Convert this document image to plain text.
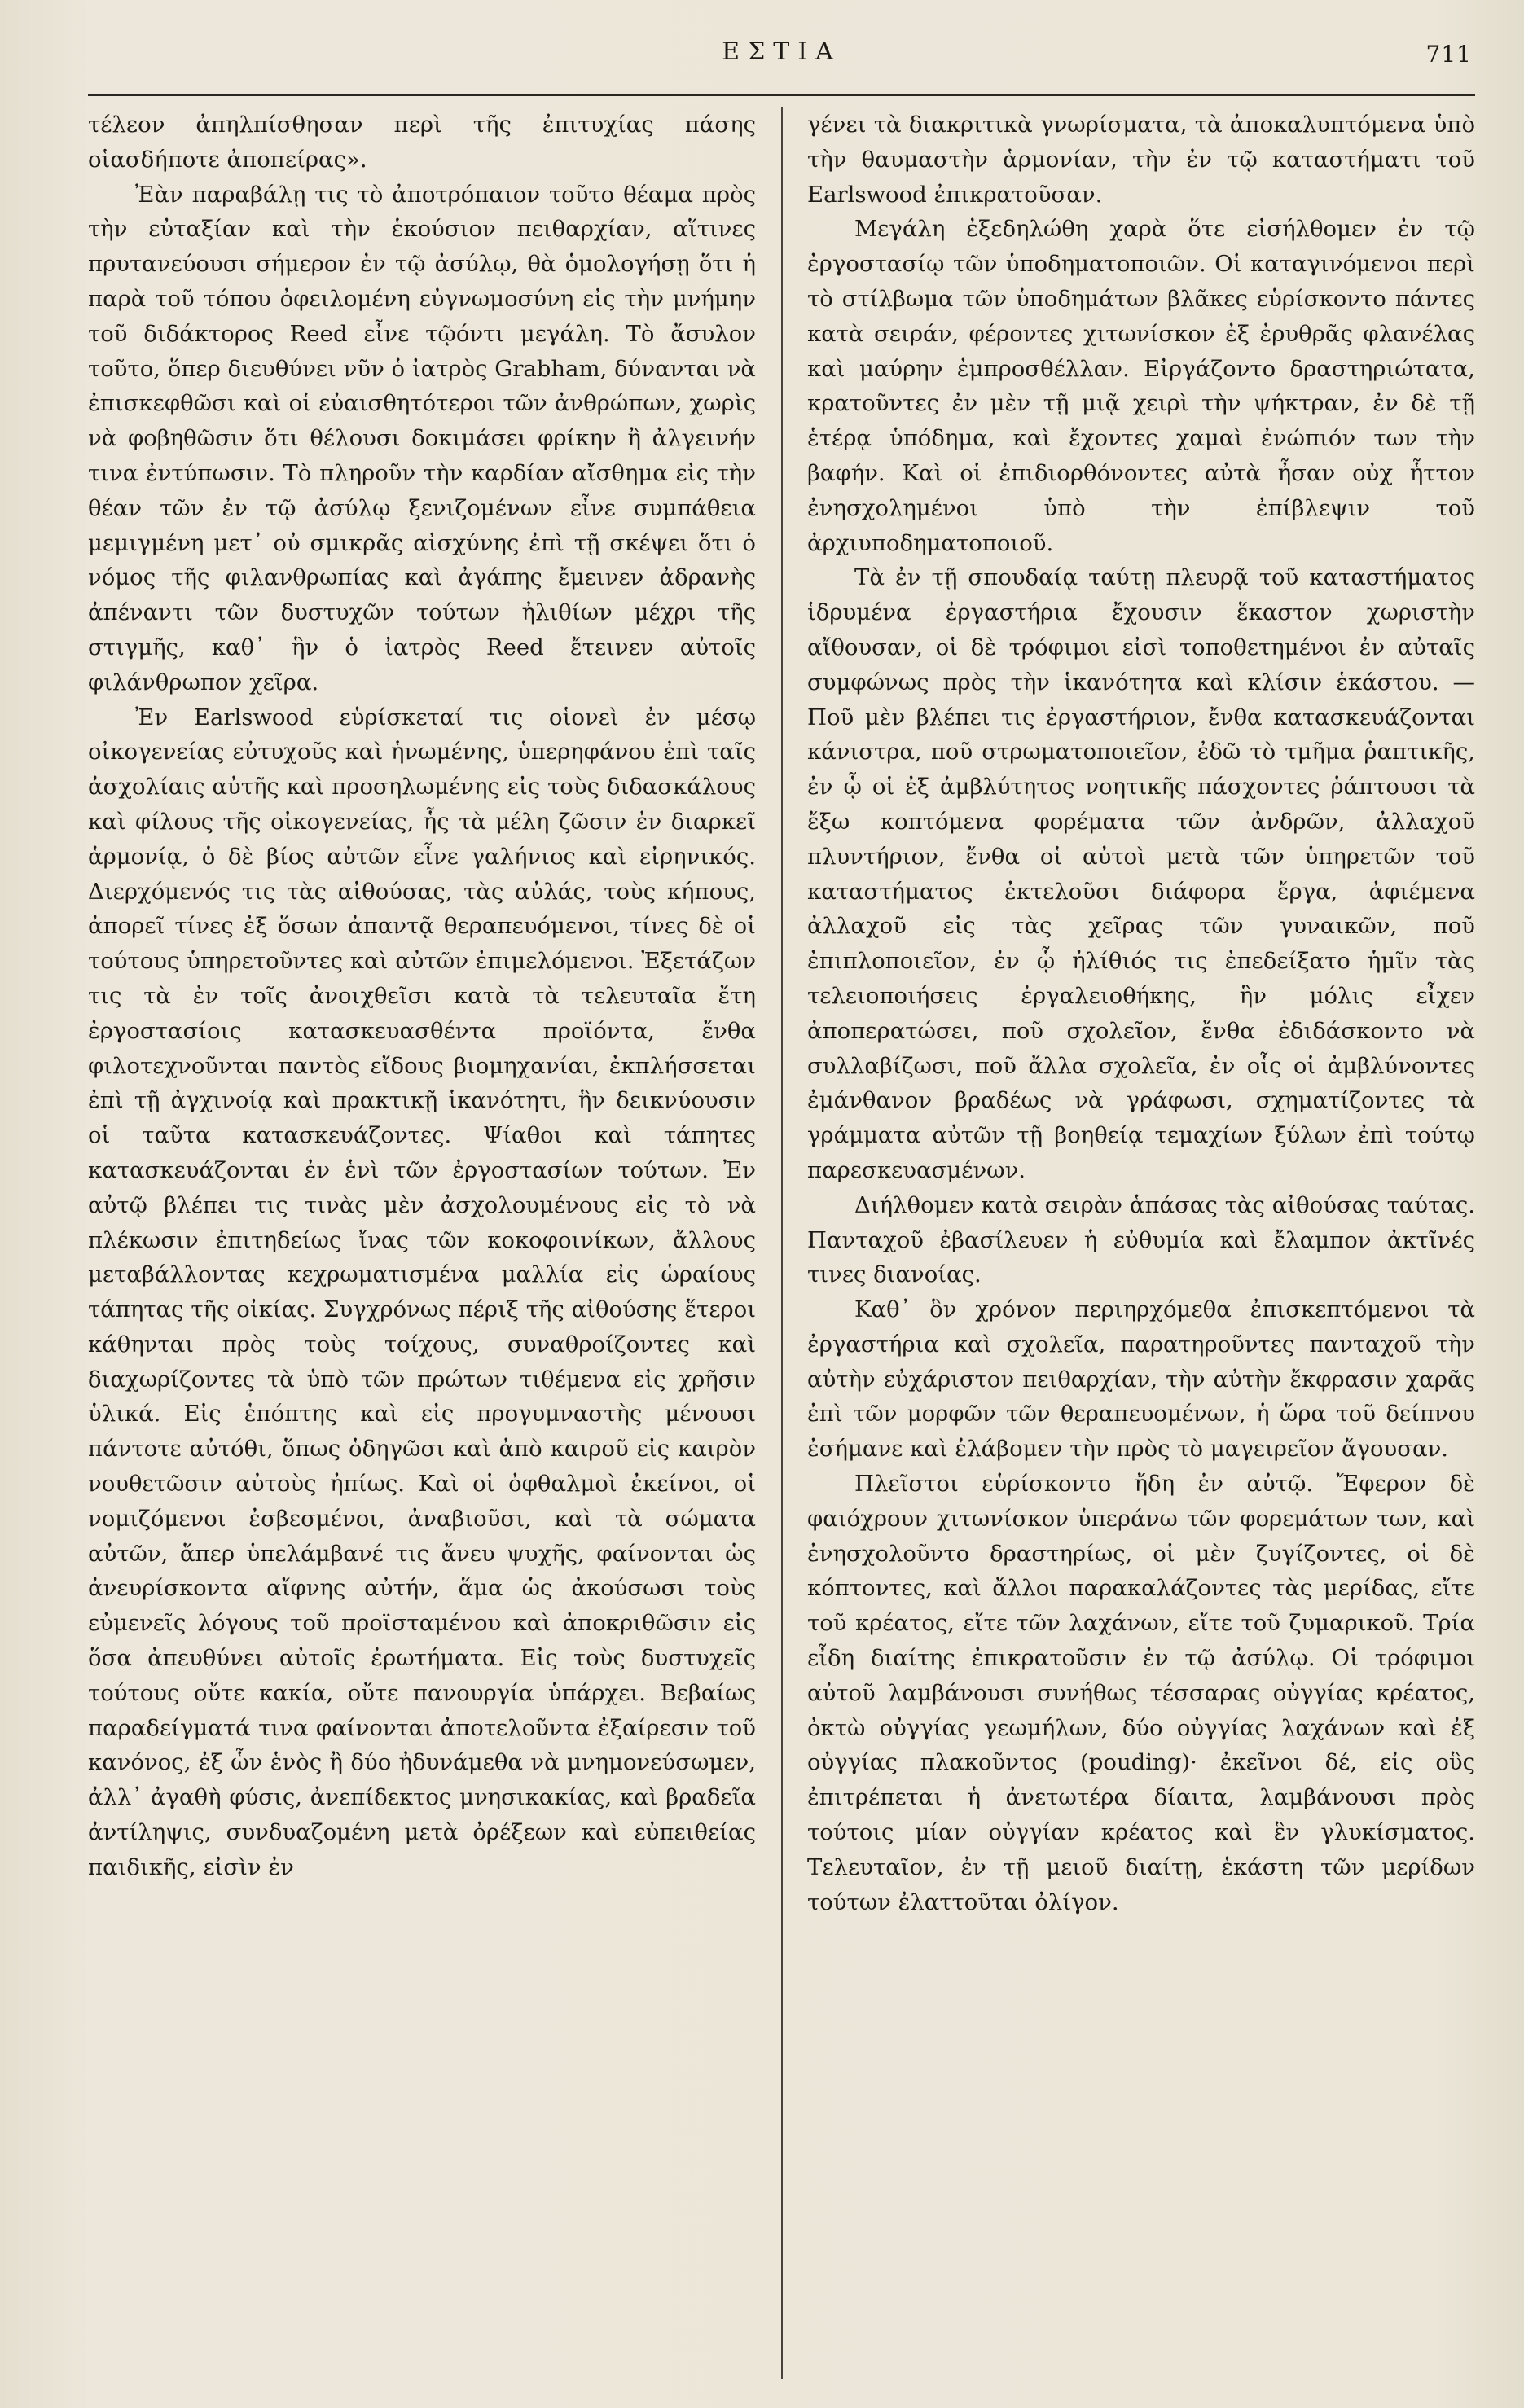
ΕΣΤΙΑ	711

τέλεον ἀπηλπίσθησαν περὶ τῆς ἐπιτυχίας πάσης οἱασδήποτε ἀποπείρας».

Ἐὰν παραβάλῃ τις τὸ ἀποτρόπαιον τοῦτο θέαμα πρὸς τὴν εὐταξίαν καὶ τὴν ἑκούσιον πειθαρχίαν, αἵτινες πρυτανεύουσι σήμερον ἐν τῷ ἀσύλῳ, θὰ ὁμολογήσῃ ὅτι ἡ παρὰ τοῦ τόπου ὀφειλομένη εὐγνωμοσύνη εἰς τὴν μνήμην τοῦ διδάκτορος Reed εἶνε τῷόντι μεγάλη. Τὸ ἄσυλον τοῦτο, ὅπερ διευθύνει νῦν ὁ ἰατρὸς Grabham, δύνανται νὰ ἐπισκεφθῶσι καὶ οἱ εὐαισθητότεροι τῶν ἀνθρώπων, χωρὶς νὰ φοβηθῶσιν ὅτι θέλουσι δοκιμάσει φρίκην ἢ ἀλγεινήν τινα ἐντύπωσιν. Τὸ πληροῦν τὴν καρδίαν αἴσθημα εἰς τὴν θέαν τῶν ἐν τῷ ἀσύλῳ ξενιζομένων εἶνε συμπάθεια μεμιγμένη μετ᾽ οὐ σμικρᾶς αἰσχύνης ἐπὶ τῇ σκέψει ὅτι ὁ νόμος τῆς φιλανθρωπίας καὶ ἀγάπης ἔμεινεν ἀδρανὴς ἀπέναντι τῶν δυστυχῶν τούτων ἠλιθίων μέχρι τῆς στιγμῆς, καθ᾽ ἣν ὁ ἰατρὸς Reed ἔτεινεν αὐτοῖς φιλάνθρωπον χεῖρα.

Ἐν Earlswood εὑρίσκεταί τις οἱονεὶ ἐν μέσῳ οἰκογενείας εὐτυχοῦς καὶ ἡνωμένης, ὑπερηφάνου ἐπὶ ταῖς ἀσχολίαις αὐτῆς καὶ προσηλωμένης εἰς τοὺς διδασκάλους καὶ φίλους τῆς οἰκογενείας, ἧς τὰ μέλη ζῶσιν ἐν διαρκεῖ ἁρμονίᾳ, ὁ δὲ βίος αὐτῶν εἶνε γαλήνιος καὶ εἰρηνικός. Διερχόμενός τις τὰς αἰθούσας, τὰς αὐλάς, τοὺς κήπους, ἀπορεῖ τίνες ἐξ ὅσων ἀπαντᾷ θεραπευόμενοι, τίνες δὲ οἱ τούτους ὑπηρετοῦντες καὶ αὐτῶν ἐπιμελόμενοι. Ἐξετάζων τις τὰ ἐν τοῖς ἀνοιχθεῖσι κατὰ τὰ τελευταῖα ἔτη ἐργοστασίοις κατασκευασθέντα προϊόντα, ἔνθα φιλοτεχνοῦνται παντὸς εἴδους βιομηχανίαι, ἐκπλήσσεται ἐπὶ τῇ ἀγχινοίᾳ καὶ πρακτικῇ ἱκανότητι, ἣν δεικνύουσιν οἱ ταῦτα κατασκευάζοντες. Ψίαθοι καὶ τάπητες κατασκευάζονται ἐν ἑνὶ τῶν ἐργοστασίων τούτων. Ἐν αὐτῷ βλέπει τις τινὰς μὲν ἀσχολουμένους εἰς τὸ νὰ πλέκωσιν ἐπιτηδείως ἴνας τῶν κοκοφοινίκων, ἄλλους μεταβάλλοντας κεχρωματισμένα μαλλία εἰς ὡραίους τάπητας τῆς οἰκίας. Συγχρόνως πέριξ τῆς αἰθούσης ἕτεροι κάθηνται πρὸς τοὺς τοίχους, συναθροίζοντες καὶ διαχωρίζοντες τὰ ὑπὸ τῶν πρώτων τιθέμενα εἰς χρῆσιν ὑλικά. Εἰς ἑπόπτης καὶ εἰς προγυμναστὴς μένουσι πάντοτε αὐτόθι, ὅπως ὁδηγῶσι καὶ ἀπὸ καιροῦ εἰς καιρὸν νουθετῶσιν αὐτοὺς ἠπίως. Καὶ οἱ ὀφθαλμοὶ ἐκείνοι, οἱ νομιζόμενοι ἐσβεσμένοι, ἀναβιοῦσι, καὶ τὰ σώματα αὐτῶν, ἅπερ ὑπελάμβανέ τις ἄνευ ψυχῆς, φαίνονται ὡς ἀνευρίσκοντα αἴφνης αὐτήν, ἅμα ὡς ἀκούσωσι τοὺς εὐμενεῖς λόγους τοῦ προϊσταμένου καὶ ἀποκριθῶσιν εἰς ὅσα ἀπευθύνει αὐτοῖς ἐρωτήματα. Εἰς τοὺς δυστυχεῖς τούτους οὔτε κακία, οὔτε πανουργία ὑπάρχει. Βεβαίως παραδείγματά τινα φαίνονται ἀποτελοῦντα ἐξαίρεσιν τοῦ κανόνος, ἐξ ὧν ἑνὸς ἢ δύο ἠδυνάμεθα νὰ μνημονεύσωμεν, ἀλλ᾽ ἀγαθὴ φύσις, ἀνεπίδεκτος μνησικακίας, καὶ βραδεῖα ἀντίληψις, συνδυαζομένη μετὰ ὀρέξεων καὶ εὐπειθείας παιδικῆς, εἰσὶν ἐν

γένει τὰ διακριτικὰ γνωρίσματα, τὰ ἀποκαλυπτόμενα ὑπὸ τὴν θαυμαστὴν ἁρμονίαν, τὴν ἐν τῷ καταστήματι τοῦ Earlswood ἐπικρατοῦσαν.

Μεγάλη ἐξεδηλώθη χαρὰ ὅτε εἰσήλθομεν ἐν τῷ ἐργοστασίῳ τῶν ὑποδηματοποιῶν. Οἱ καταγινόμενοι περὶ τὸ στίλβωμα τῶν ὑποδημάτων βλᾶκες εὑρίσκοντο πάντες κατὰ σειράν, φέροντες χιτωνίσκον ἐξ ἐρυθρᾶς φλανέλας καὶ μαύρην ἐμπροσθέλλαν. Εἰργάζοντο δραστηριώτατα, κρατοῦντες ἐν μὲν τῇ μιᾷ χειρὶ τὴν ψήκτραν, ἐν δὲ τῇ ἑτέρᾳ ὑπόδημα, καὶ ἔχοντες χαμαὶ ἐνώπιόν των τὴν βαφήν. Καὶ οἱ ἐπιδιορθόνοντες αὐτὰ ἦσαν οὐχ ἧττον ἐνησχολημένοι ὑπὸ τὴν ἐπίβλεψιν τοῦ ἀρχιυποδηματοποιοῦ.

Τὰ ἐν τῇ σπουδαίᾳ ταύτῃ πλευρᾷ τοῦ καταστήματος ἱδρυμένα ἐργαστήρια ἔχουσιν ἕκαστον χωριστὴν αἴθουσαν, οἱ δὲ τρόφιμοι εἰσὶ τοποθετημένοι ἐν αὐταῖς συμφώνως πρὸς τὴν ἱκανότητα καὶ κλίσιν ἑκάστου. — Ποῦ μὲν βλέπει τις ἐργαστήριον, ἔνθα κατασκευάζονται κάνιστρα, ποῦ στρωματοποιεῖον, ἐδῶ τὸ τμῆμα ῥαπτικῆς, ἐν ᾧ οἱ ἐξ ἀμβλύτητος νοητικῆς πάσχοντες ῥάπτουσι τὰ ἔξω κοπτόμενα φορέματα τῶν ἀνδρῶν, ἀλλαχοῦ πλυντήριον, ἔνθα οἱ αὐτοὶ μετὰ τῶν ὑπηρετῶν τοῦ καταστήματος ἐκτελοῦσι διάφορα ἔργα, ἀφιέμενα ἀλλαχοῦ εἰς τὰς χεῖρας τῶν γυναικῶν, ποῦ ἐπιπλοποιεῖον, ἐν ᾧ ἠλίθιός τις ἐπεδείξατο ἡμῖν τὰς τελειοποιήσεις ἐργαλειοθήκης, ἣν μόλις εἶχεν ἀποπερατώσει, ποῦ σχολεῖον, ἔνθα ἐδιδάσκοντο νὰ συλλαβίζωσι, ποῦ ἄλλα σχολεῖα, ἐν οἷς οἱ ἀμβλύνοντες ἐμάνθανον βραδέως νὰ γράφωσι, σχηματίζοντες τὰ γράμματα αὐτῶν τῇ βοηθείᾳ τεμαχίων ξύλων ἐπὶ τούτῳ παρεσκευασμένων.

Διήλθομεν κατὰ σειρὰν ἁπάσας τὰς αἰθούσας ταύτας. Πανταχοῦ ἐβασίλευεν ἡ εὐθυμία καὶ ἔλαμπον ἀκτῖνές τινες διανοίας.

Καθ᾽ ὃν χρόνον περιηρχόμεθα ἐπισκεπτόμενοι τὰ ἐργαστήρια καὶ σχολεῖα, παρατηροῦντες πανταχοῦ τὴν αὐτὴν εὐχάριστον πειθαρχίαν, τὴν αὐτὴν ἔκφρασιν χαρᾶς ἐπὶ τῶν μορφῶν τῶν θεραπευομένων, ἡ ὥρα τοῦ δείπνου ἐσήμανε καὶ ἐλάβομεν τὴν πρὸς τὸ μαγειρεῖον ἄγουσαν.

Πλεῖστοι εὑρίσκοντο ἤδη ἐν αὐτῷ. Ἔφερον δὲ φαιόχρουν χιτωνίσκον ὑπεράνω τῶν φορεμάτων των, καὶ ἐνησχολοῦντο δραστηρίως, οἱ μὲν ζυγίζοντες, οἱ δὲ κόπτοντες, καὶ ἄλλοι παρακαλάζοντες τὰς μερίδας, εἴτε τοῦ κρέατος, εἴτε τῶν λαχάνων, εἴτε τοῦ ζυμαρικοῦ. Τρία εἶδη διαίτης ἐπικρατοῦσιν ἐν τῷ ἀσύλῳ. Οἱ τρόφιμοι αὐτοῦ λαμβάνουσι συνήθως τέσσαρας οὐγγίας κρέατος, ὀκτὼ οὐγγίας γεωμήλων, δύο οὐγγίας λαχάνων καὶ ἐξ οὐγγίας πλακοῦντος (pouding)· ἐκεῖνοι δέ, εἰς οὓς ἐπιτρέπεται ἡ ἀνετωτέρα δίαιτα, λαμβάνουσι πρὸς τούτοις μίαν οὐγγίαν κρέατος καὶ ἓν γλυκίσματος. Τελευταῖον, ἐν τῇ μειοῦ διαίτῃ, ἑκάστη τῶν μερίδων τούτων ἐλαττοῦται ὀλίγον.
